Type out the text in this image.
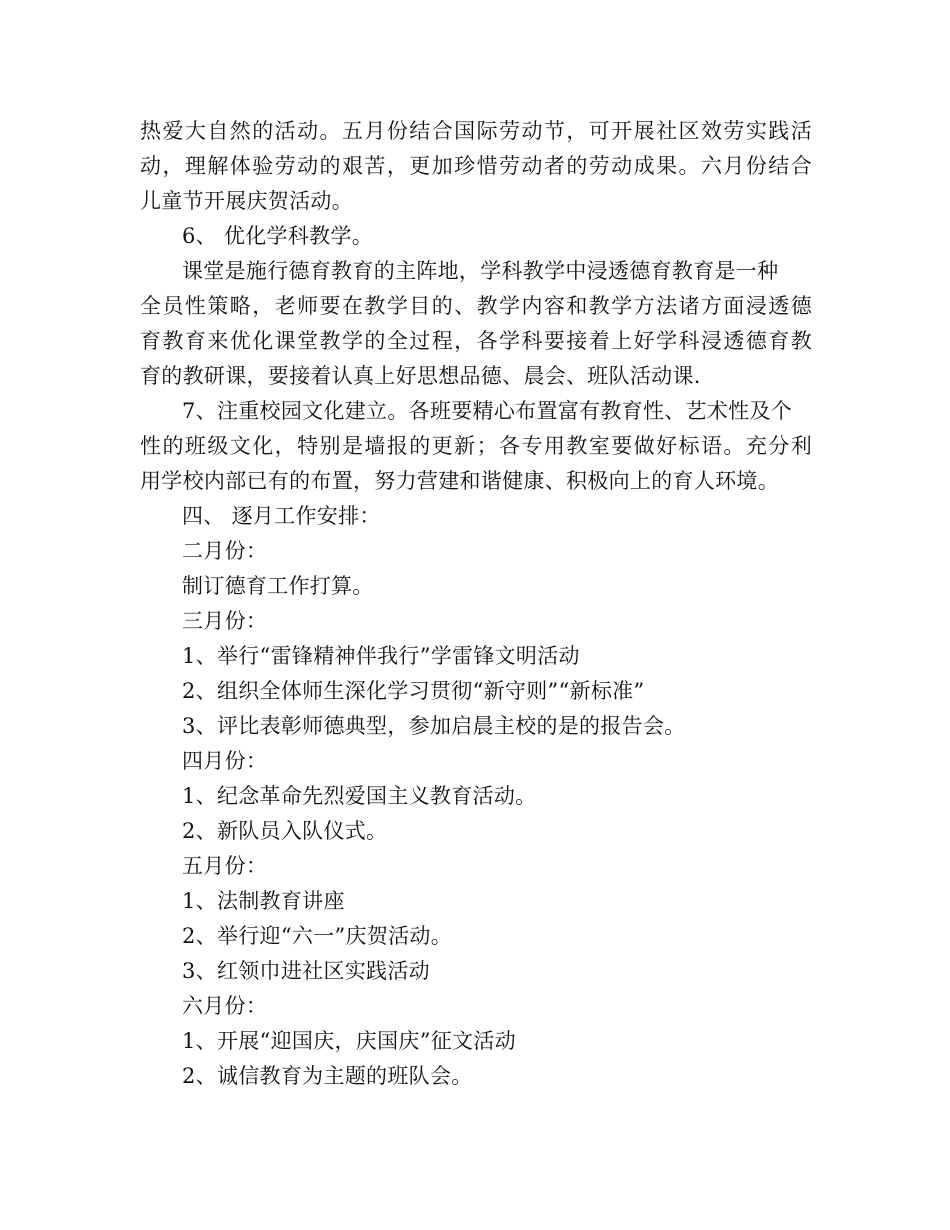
热爱大自然的活动。五月份结合国际劳动节，可开展社区效劳实践活
动，理解体验劳动的艰苦，更加珍惜劳动者的劳动成果。六月份结合
儿童节开展庆贺活动。
6、 优化学科教学。
课堂是施行德育教育的主阵地，学科教学中浸透德育教育是一种
全员性策略，老师要在教学目的、教学内容和教学方法诸方面浸透德
育教育来优化课堂教学的全过程，各学科要接着上好学科浸透德育教
育的教研课，要接着认真上好思想品德、晨会、班队活动课.
7、注重校园文化建立。各班要精心布置富有教育性、艺术性及个
性的班级文化，特别是墙报的更新；各专用教室要做好标语。充分利
用学校内部已有的布置，努力营建和谐健康、积极向上的育人环境。
四、 逐月工作安排：
二月份：
制订德育工作打算。
三月份：
1、举行“雷锋精神伴我行”学雷锋文明活动
2、组织全体师生深化学习贯彻“新守则”“新标准”
3、评比表彰师德典型，参加启晨主校的是的报告会。
四月份：
1、纪念革命先烈爱国主义教育活动。
2、新队员入队仪式。
五月份：
1、法制教育讲座
2、举行迎“六一”庆贺活动。
3、红领巾进社区实践活动
六月份：
1、开展“迎国庆，庆国庆”征文活动
2、诚信教育为主题的班队会。
